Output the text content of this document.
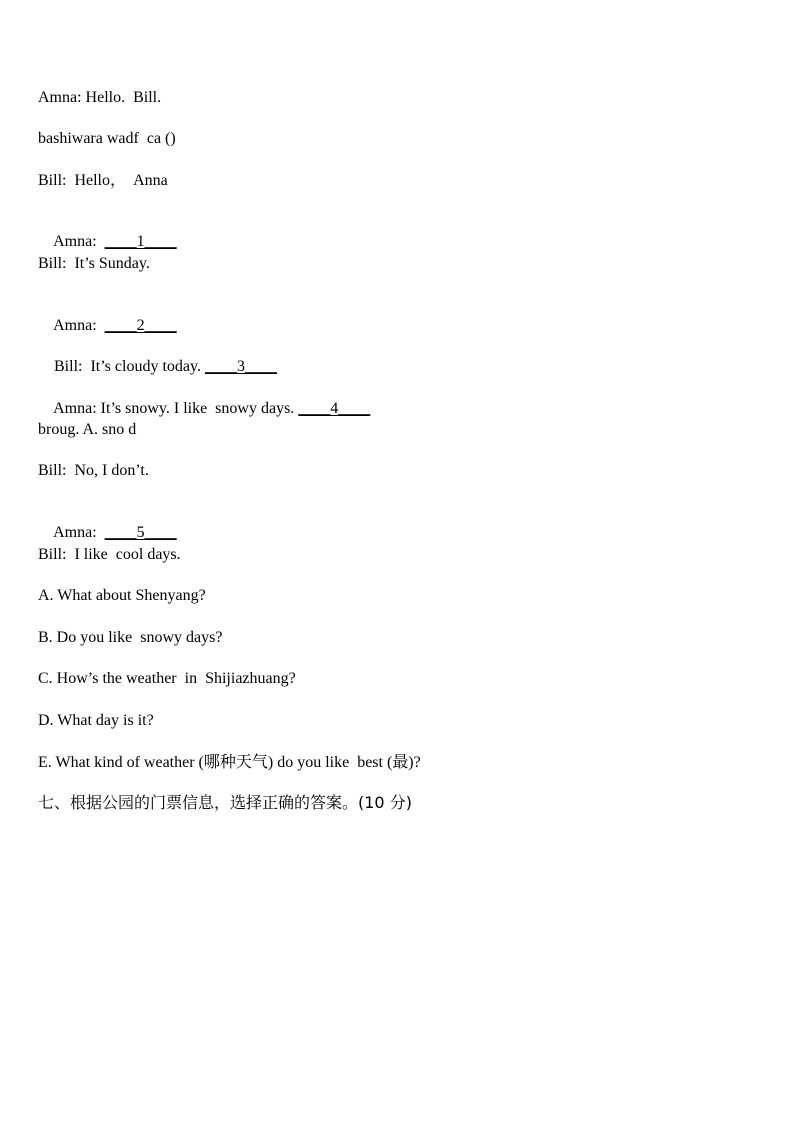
Amna: Hello.  Bill.
bashiwara wadf  ca ()
Bill:  Hello，  Anna

Amna:  ____1____

Bill:  It’s Sunday.

Amna:  ____2____

Bill:  It’s cloudy today. ____3____

Amna: It’s snowy. I like  snowy days. ____4____

broug. A. sno d
Bill:  No, I don’t.

Amna:  ____5____

Bill:  I like  cool days.
A. What about Shenyang?
B. Do you like  snowy days?
C. How’s the weather  in  Shijiazhuang?
D. What day is it?
E. What kind of weather (哪种天气) do you like  best (最)?
七、根据公园的门票信息，选择正确的答案。(10 分)
